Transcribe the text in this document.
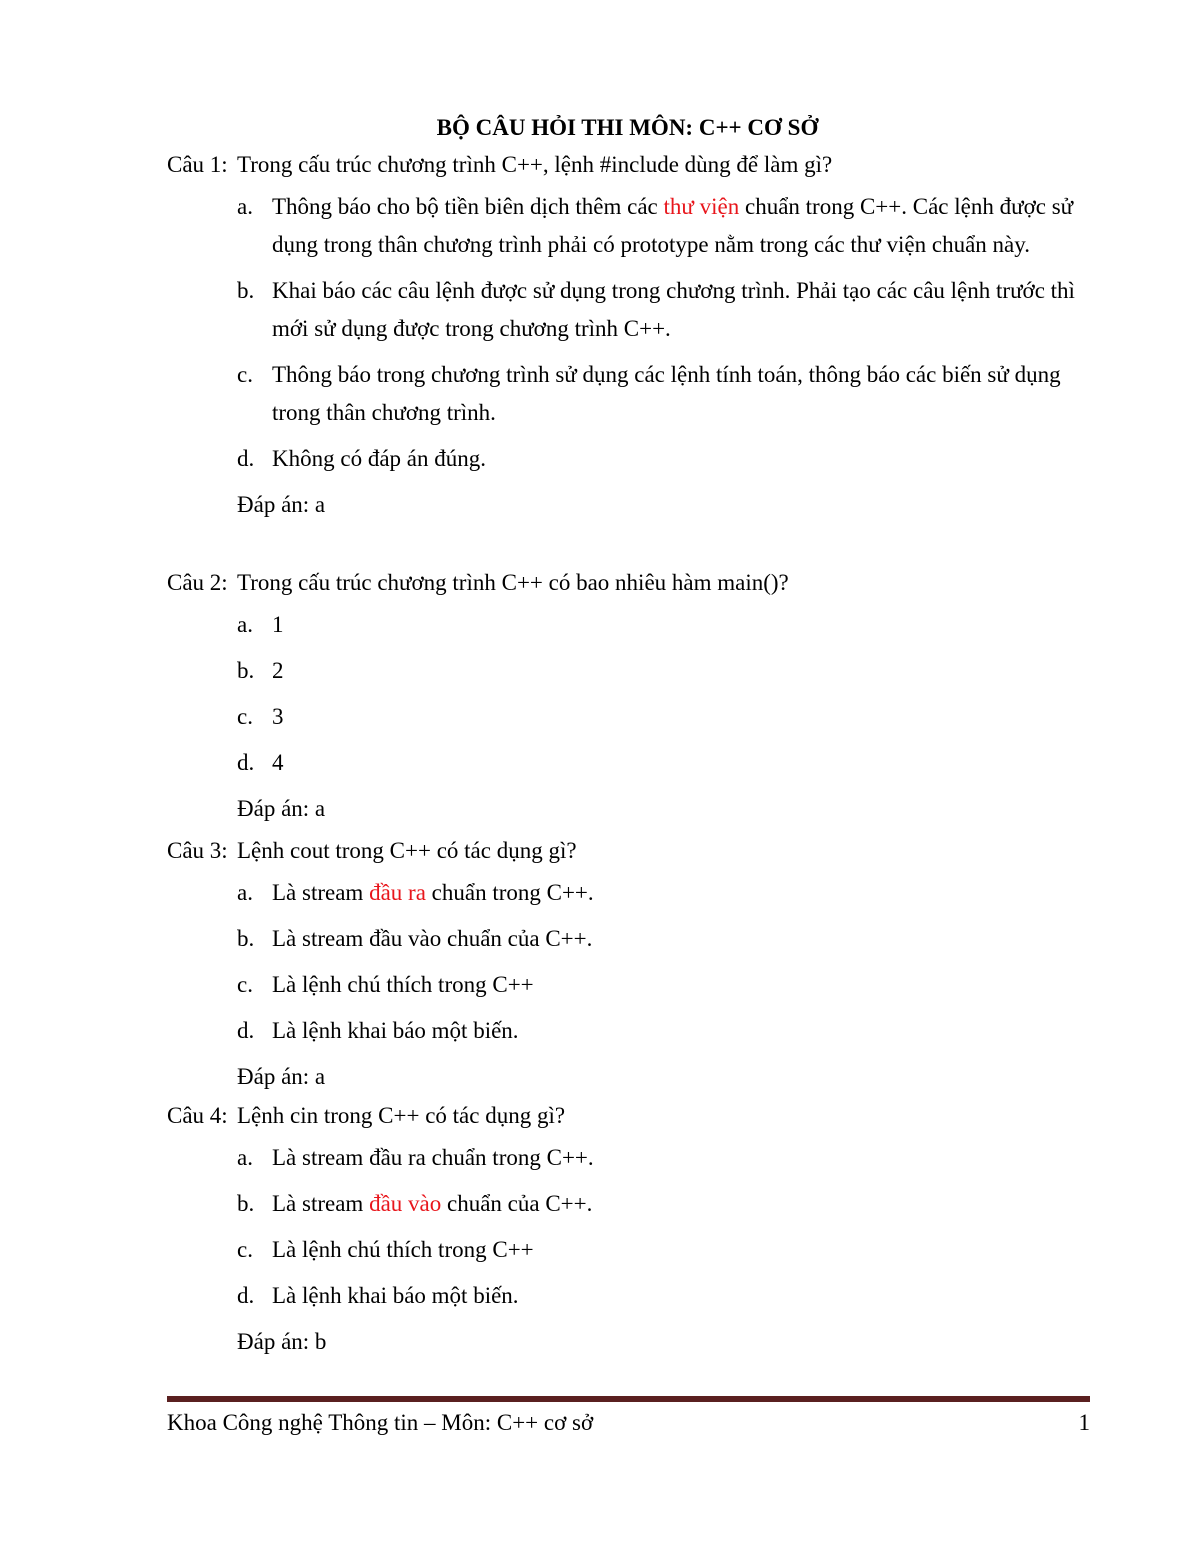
BỘ CÂU HỎI THI MÔN: C++ CƠ SỞ
Câu 1: Trong cấu trúc chương trình C++, lệnh #include dùng để làm gì?
a. Thông báo cho bộ tiền biên dịch thêm các thư viện chuẩn trong C++. Các lệnh được sử dụng trong thân chương trình phải có prototype nằm trong các thư viện chuẩn này.
b. Khai báo các câu lệnh được sử dụng trong chương trình. Phải tạo các câu lệnh trước thì mới sử dụng được trong chương trình C++.
c. Thông báo trong chương trình sử dụng các lệnh tính toán, thông báo các biến sử dụng trong thân chương trình.
d. Không có đáp án đúng.
Đáp án: a
Câu 2: Trong cấu trúc chương trình C++ có bao nhiêu hàm main()?
a. 1
b. 2
c. 3
d. 4
Đáp án: a
Câu 3: Lệnh cout trong C++ có tác dụng gì?
a. Là stream đầu ra chuẩn trong C++.
b. Là stream đầu vào chuẩn của C++.
c. Là lệnh chú thích trong C++
d. Là lệnh khai báo một biến.
Đáp án: a
Câu 4: Lệnh cin trong C++ có tác dụng gì?
a. Là stream đầu ra chuẩn trong C++.
b. Là stream đầu vào chuẩn của C++.
c. Là lệnh chú thích trong C++
d. Là lệnh khai báo một biến.
Đáp án: b
Khoa Công nghệ Thông tin – Môn: C++ cơ sở	1
